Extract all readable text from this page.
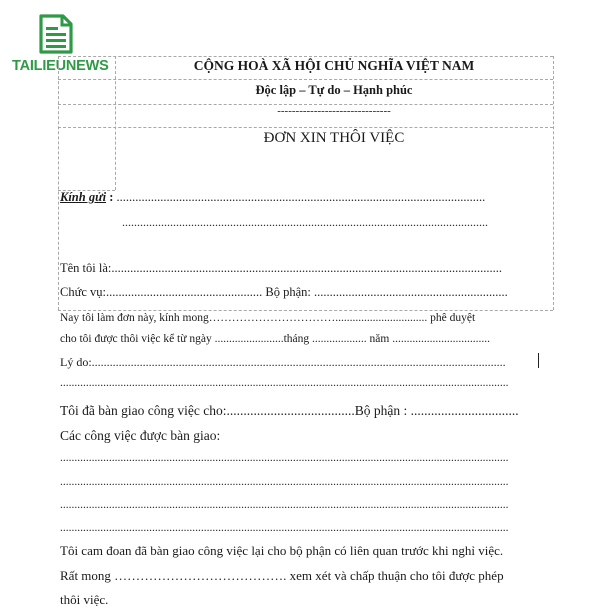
TAILIEUNEWS	CỘNG HOÀ XÃ HỘI CHỦ NGHĨA VIỆT NAM
Độc lập – Tự do – Hạnh phúc
-------------------------------
ĐƠN XIN THÔI VIỆC
Kính gửi : ......................................................................................................................
..........................................................................................................................
Tên tôi là:.............................................................................................................................
Chức vụ:.................................................. Bộ phận: ..............................................................
Nay tôi làm đơn này, kính mong……………………………................................ phê duyệt
cho tôi được thôi việc kể từ ngày ........................tháng ................... năm ..................................
Lý do:..........................................................................................................................................
............................................................................................................................................................
Tôi đã bàn giao công việc cho:......................................Bộ phận : ................................
Các công việc được bàn giao:
............................................................................................................................................................
............................................................................................................................................................
............................................................................................................................................................
............................................................................................................................................................
Tôi cam đoan đã bàn giao công việc lại cho bộ phận có liên quan trước khi nghỉ việc.
Rất mong …………………………………. xem xét và chấp thuận cho tôi được phép
thôi việc.
